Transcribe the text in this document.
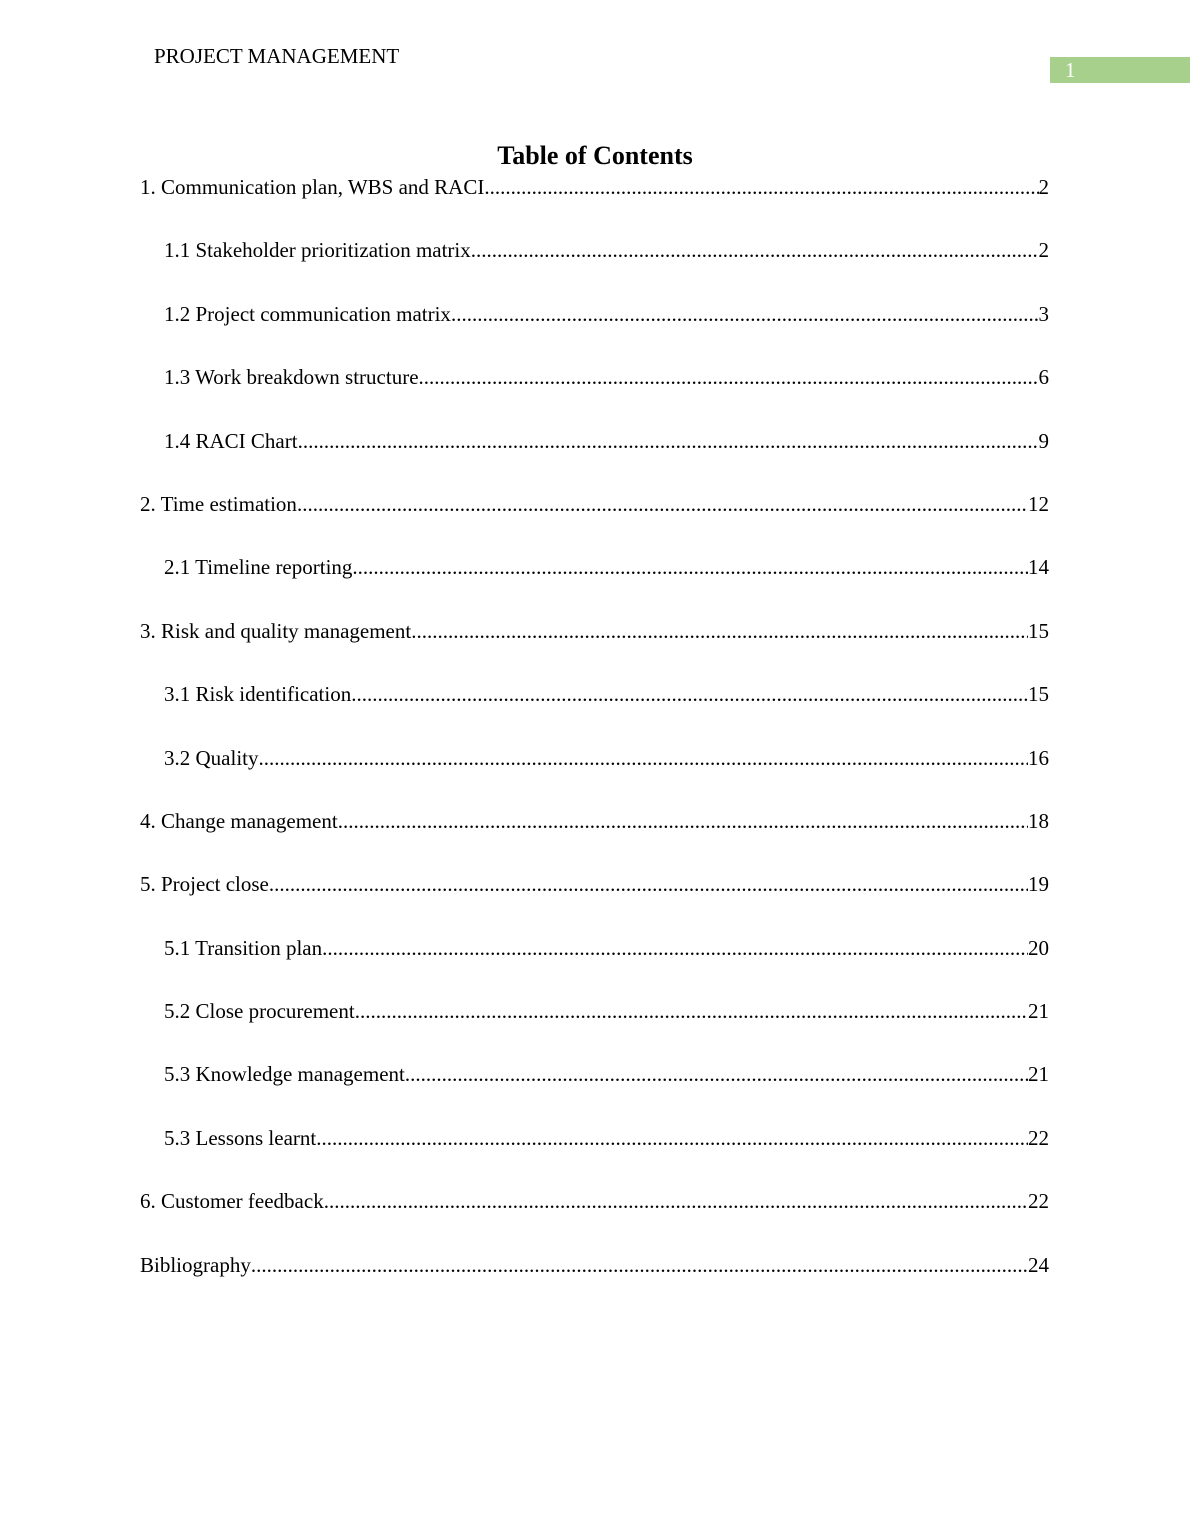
PROJECT MANAGEMENT
1
Table of Contents
1. Communication plan, WBS and RACI .....	2
1.1 Stakeholder prioritization matrix .....	2
1.2 Project communication matrix .....	3
1.3 Work breakdown structure .....	6
1.4 RACI Chart .....	9
2. Time estimation .....	12
2.1 Timeline reporting .....	14
3. Risk and quality management .....	15
3.1 Risk identification .....	15
3.2 Quality .....	16
4. Change management .....	18
5. Project close .....	19
5.1 Transition plan .....	20
5.2 Close procurement .....	21
5.3 Knowledge management .....	21
5.3 Lessons learnt .....	22
6. Customer feedback .....	22
Bibliography .....	24
